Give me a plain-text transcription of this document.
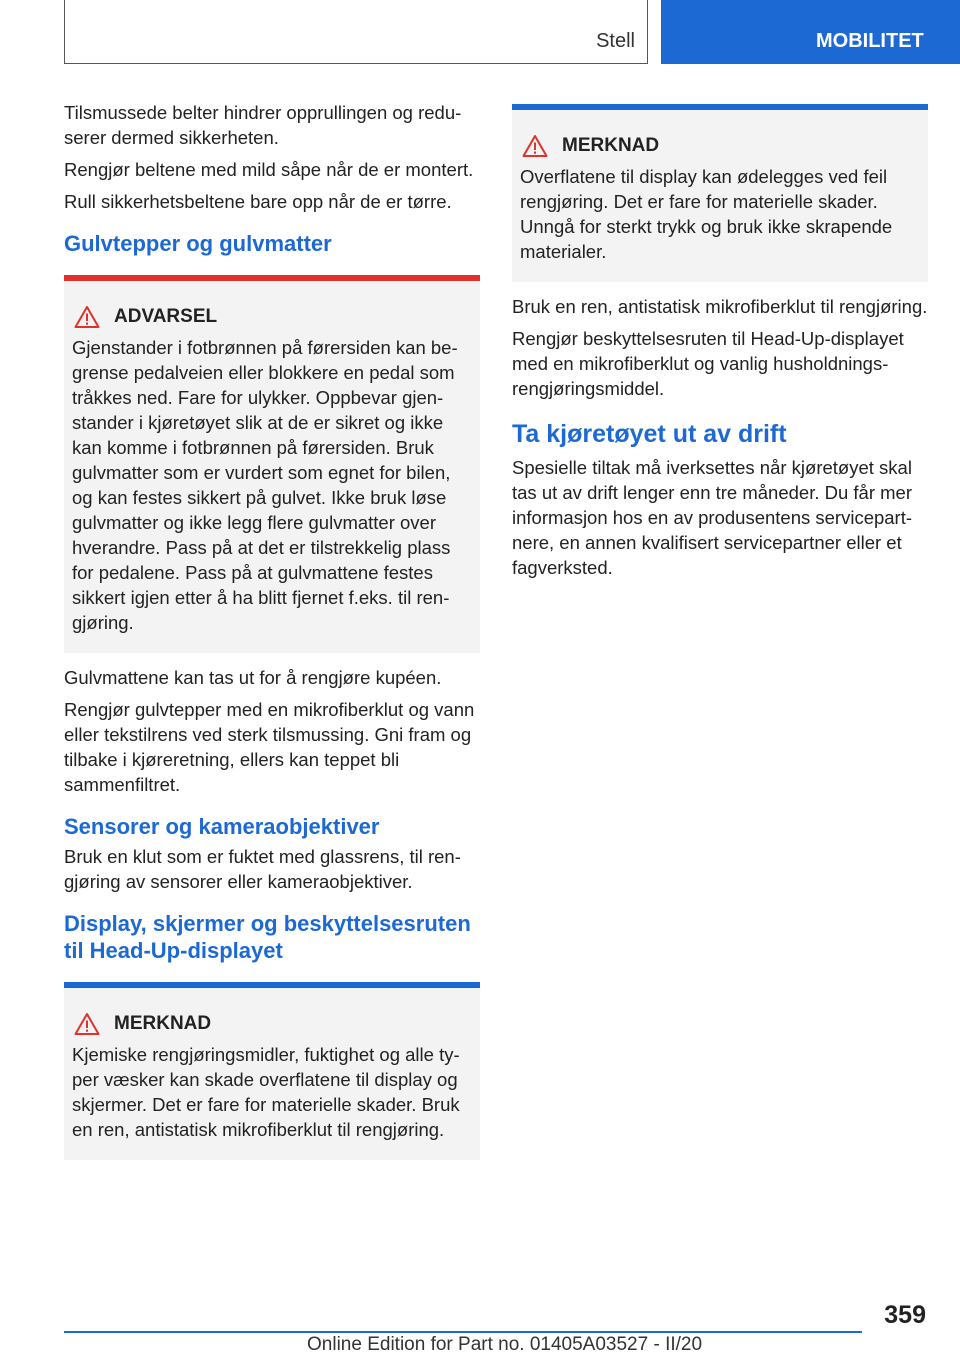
Stell	MOBILITET

Tilsmussede belter hindrer opprullingen og reduserer dermed sikkerheten.

Rengjør beltene med mild såpe når de er montert.

Rull sikkerhetsbeltene bare opp når de er tørre.

Gulvtepper og gulvmatter
ADVARSEL

Gjenstander i fotbrønnen på førersiden kan begrense pedalveien eller blokkere en pedal som tråkkes ned. Fare for ulykker. Oppbevar gjenstander i kjøretøyet slik at de er sikret og ikke kan komme i fotbrønnen på førersiden. Bruk gulvmatter som er vurdert som egnet for bilen, og kan festes sikkert på gulvet. Ikke bruk løse gulvmatter og ikke legg flere gulvmatter over hverandre. Pass på at det er tilstrekkelig plass for pedalene. Pass på at gulvmattene festes sikkert igjen etter å ha blitt fjernet f.eks. til rengjøring.

Gulvmattene kan tas ut for å rengjøre kupéen.

Rengjør gulvtepper med en mikrofiberklut og vann eller tekstilrens ved sterk tilsmussing. Gni fram og tilbake i kjøreretning, ellers kan teppet bli sammenfiltret.

Sensorer og kameraobjektiver

Bruk en klut som er fuktet med glassrens, til rengjøring av sensorer eller kameraobjektiver.

Display, skjermer og beskyttelsesruten til Head-Up-displayet
MERKNAD

Kjemiske rengjøringsmidler, fuktighet og alle typer væsker kan skade overflatene til display og skjermer. Det er fare for materielle skader. Bruk en ren, antistatisk mikrofiberklut til rengjøring.

MERKNAD

Overflatene til display kan ødelegges ved feil rengjøring. Det er fare for materielle skader. Unngå for sterkt trykk og bruk ikke skrapende materialer.

Bruk en ren, antistatisk mikrofiberklut til rengjøring.

Rengjør beskyttelsesruten til Head-Up-displayet med en mikrofiberklut og vanlig husholdningsrengjøringsmiddel.

Ta kjøretøyet ut av drift

Spesielle tiltak må iverksettes når kjøretøyet skal tas ut av drift lenger enn tre måneder. Du får mer informasjon hos en av produsentens servicepartnere, en annen kvalifisert servicepartner eller et fagverksted.

359
Online Edition for Part no. 01405A03527 - II/20
